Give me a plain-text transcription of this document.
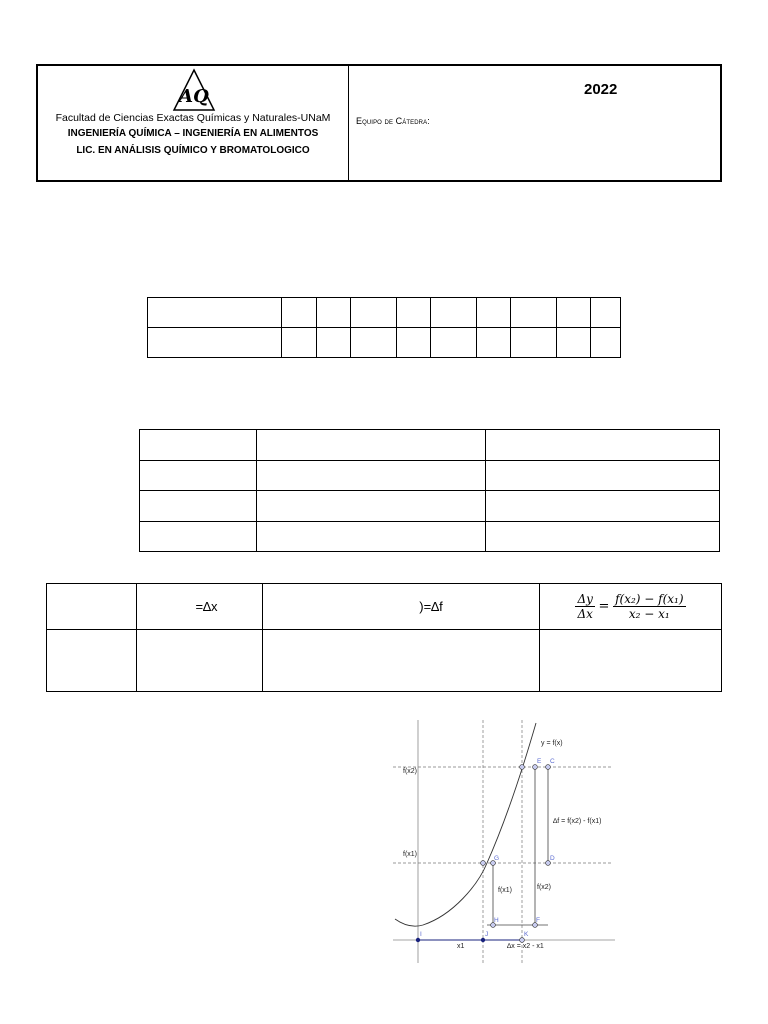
AQ
Facultad de Ciencias Exactas Químicas y Naturales-UNaM
INGENIERÍA QUÍMICA – INGENIERÍA EN ALIMENTOS
LIC. EN ANÁLISIS QUÍMICO Y BROMATOLOGICO
Equipo de Cátedra:
2022

	=∆x	)=∆f	$\frac{\Delta y}{\Delta x} = \frac{\text{f(x₂) − f(x₁)}}{\text{x₂ − x₁}}$

y = f(x)
f(x2)
f(x1)
∆f = f(x2) - f(x1)
f(x1)	f(x2)
x1	∆x = x2 - x1
E C
G	D
H	F
I	J	K
